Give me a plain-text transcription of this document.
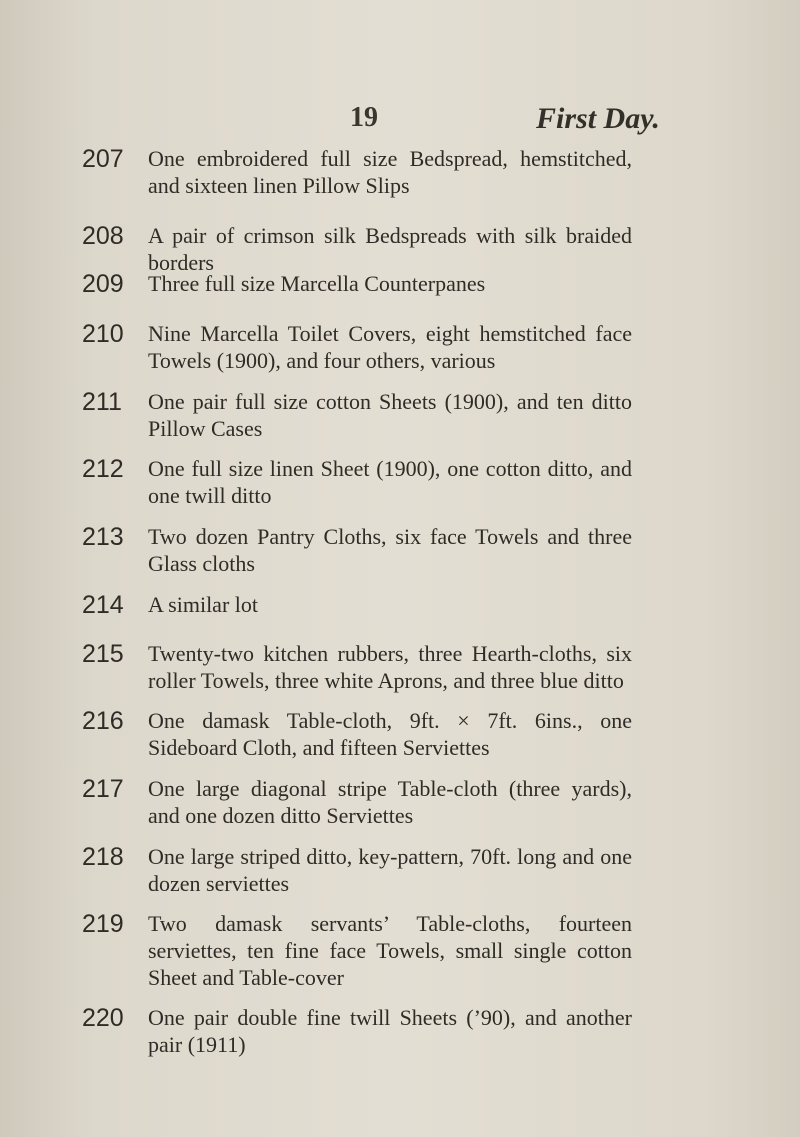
19	First Day.
207 One embroidered full size Bedspread, hemstitched, and sixteen linen Pillow Slips
208 A pair of crimson silk Bedspreads with silk braided borders
209 Three full size Marcella Counterpanes
210 Nine Marcella Toilet Covers, eight hemstitched face Towels (1900), and four others, various
211 One pair full size cotton Sheets (1900), and ten ditto Pillow Cases
212 One full size linen Sheet (1900), one cotton ditto, and one twill ditto
213 Two dozen Pantry Cloths, six face Towels and three Glass cloths
214 A similar lot
215 Twenty-two kitchen rubbers, three Hearth-cloths, six roller Towels, three white Aprons, and three blue ditto
216 One damask Table-cloth, 9ft. × 7ft. 6ins., one Sideboard Cloth, and fifteen Serviettes
217 One large diagonal stripe Table-cloth (three yards), and one dozen ditto Serviettes
218 One large striped ditto, key-pattern, 70ft. long and one dozen serviettes
219 Two damask servants’ Table-cloths, fourteen serviettes, ten fine face Towels, small single cotton Sheet and Table-cover
220 One pair double fine twill Sheets (’90), and another pair (1911)
